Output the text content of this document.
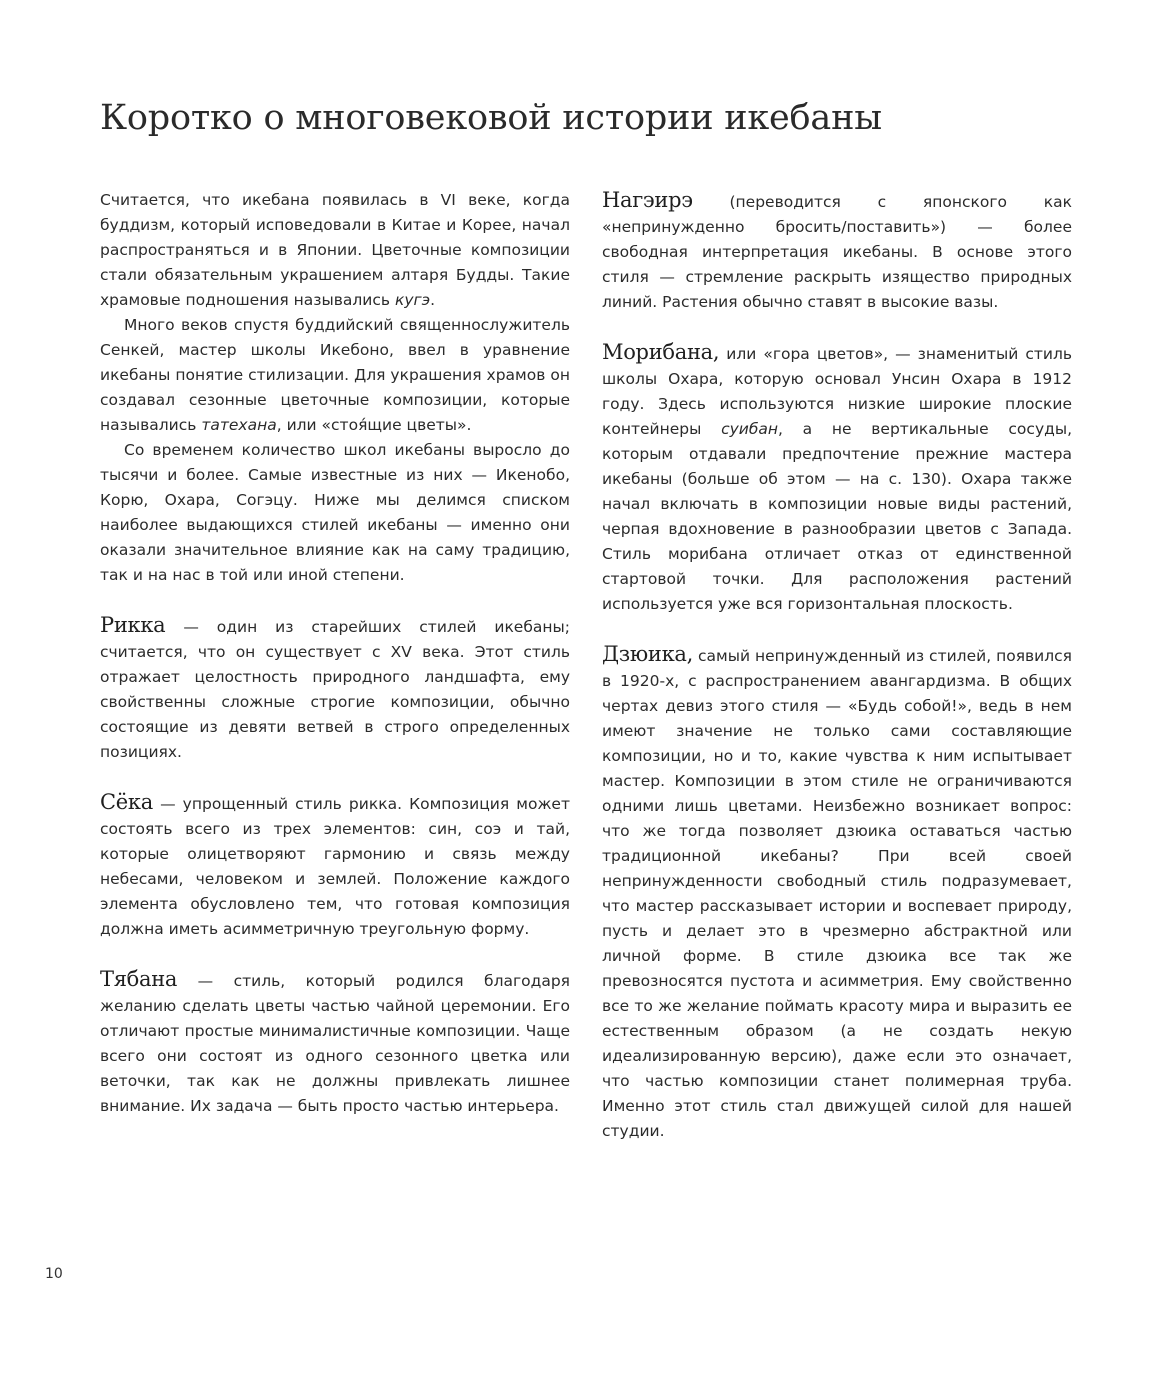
Коротко о многовековой истории икебаны

Считается, что икебана появилась в VI веке, когда буддизм, который исповедовали в Китае и Корее, начал распространяться и в Японии. Цветочные композиции стали обязательным украшением алтаря Будды. Такие храмовые подношения назывались кугэ.

Много веков спустя буддийский священнослужитель Сенкей, мастер школы Икебоно, ввел в уравнение икебаны понятие стилизации. Для украшения храмов он создавал сезонные цветочные композиции, которые назывались татехана, или «стоя́щие цветы».

Со временем количество школ икебаны выросло до тысячи и более. Самые известные из них — Икенобо, Корю, Охара, Согэцу. Ниже мы делимся списком наиболее выдающихся стилей икебаны — именно они оказали значительное влияние как на саму традицию, так и на нас в той или иной степени.

Рикка — один из старейших стилей икебаны; считается, что он существует с XV века. Этот стиль отражает целостность природного ландшафта, ему свойственны сложные строгие композиции, обычно состоящие из девяти ветвей в строго определенных позициях.

Сёка — упрощенный стиль рикка. Композиция может состоять всего из трех элементов: син, соэ и тай, которые олицетворяют гармонию и связь между небесами, человеком и землей. Положение каждого элемента обусловлено тем, что готовая композиция должна иметь асимметричную треугольную форму.

Тябана — стиль, который родился благодаря желанию сделать цветы частью чайной церемонии. Его отличают простые минималистичные композиции. Чаще всего они состоят из одного сезонного цветка или веточки, так как не должны привлекать лишнее внимание. Их задача — быть просто частью интерьера.

Нагэирэ (переводится с японского как «непринужденно бросить/поставить») — более свободная интерпретация икебаны. В основе этого стиля — стремление раскрыть изящество природных линий. Растения обычно ставят в высокие вазы.

Морибана, или «гора цветов», — знаменитый стиль школы Охара, которую основал Унсин Охара в 1912 году. Здесь используются низкие широкие плоские контейнеры суибан, а не вертикальные сосуды, которым отдавали предпочтение прежние мастера икебаны (больше об этом — на с. 130). Охара также начал включать в композиции новые виды растений, черпая вдохновение в разнообразии цветов с Запада. Стиль морибана отличает отказ от единственной стартовой точки. Для расположения растений используется уже вся горизонтальная плоскость.

Дзюика, самый непринужденный из стилей, появился в 1920-х, с распространением авангардизма. В общих чертах девиз этого стиля — «Будь собой!», ведь в нем имеют значение не только сами составляющие композиции, но и то, какие чувства к ним испытывает мастер. Композиции в этом стиле не ограничиваются одними лишь цветами. Неизбежно возникает вопрос: что же тогда позволяет дзюика оставаться частью традиционной икебаны? При всей своей непринужденности свободный стиль подразумевает, что мастер рассказывает истории и воспевает природу, пусть и делает это в чрезмерно абстрактной или личной форме. В стиле дзюика все так же превозносятся пустота и асимметрия. Ему свойственно все то же желание поймать красоту мира и выразить ее естественным образом (а не создать некую идеализированную версию), даже если это означает, что частью композиции станет полимерная труба. Именно этот стиль стал движущей силой для нашей студии.

10
